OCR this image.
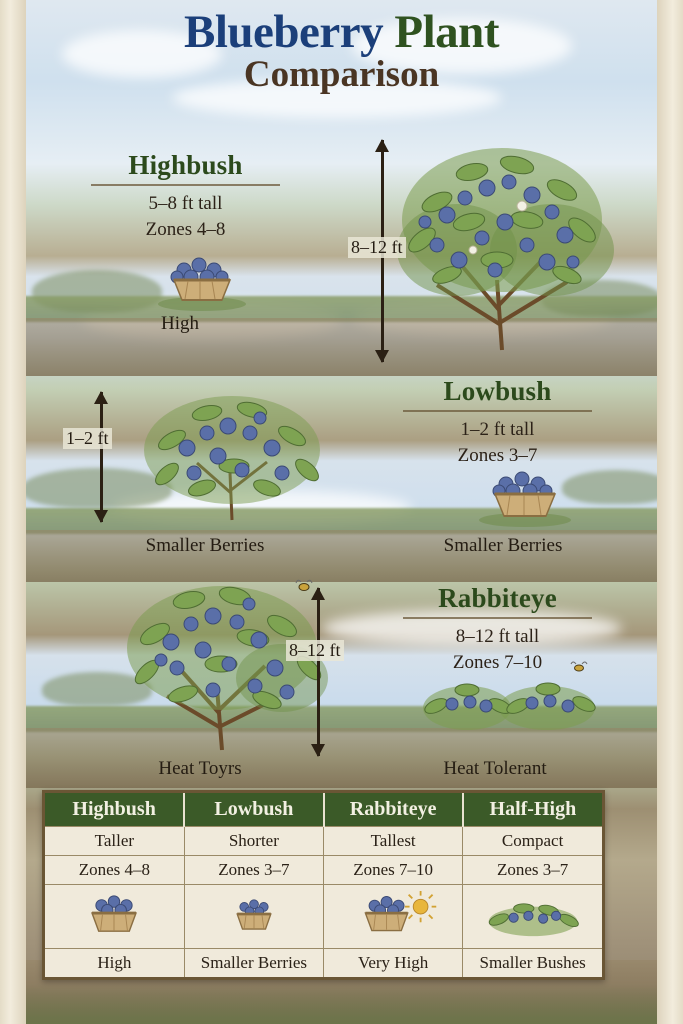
Blueberry Plant
Comparison
Highbush
5–8 ft tall
Zones 4–8
High
8–12 ft
Lowbush
1–2 ft tall
Zones 3–7
1–2 ft
Smaller Berries	Smaller Berries
Rabbiteye
8–12 ft tall
Zones 7–10
8–12 ft
Heat Toyrs	Heat Tolerant
Highbush	Lowbush	Rabbiteye	Half-High
Taller	Shorter	Tallest	Compact
Zones 4–8	Zones 3–7	Zones 7–10	Zones 3–7

High	Smaller Berries	Very High	Smaller Bushes
